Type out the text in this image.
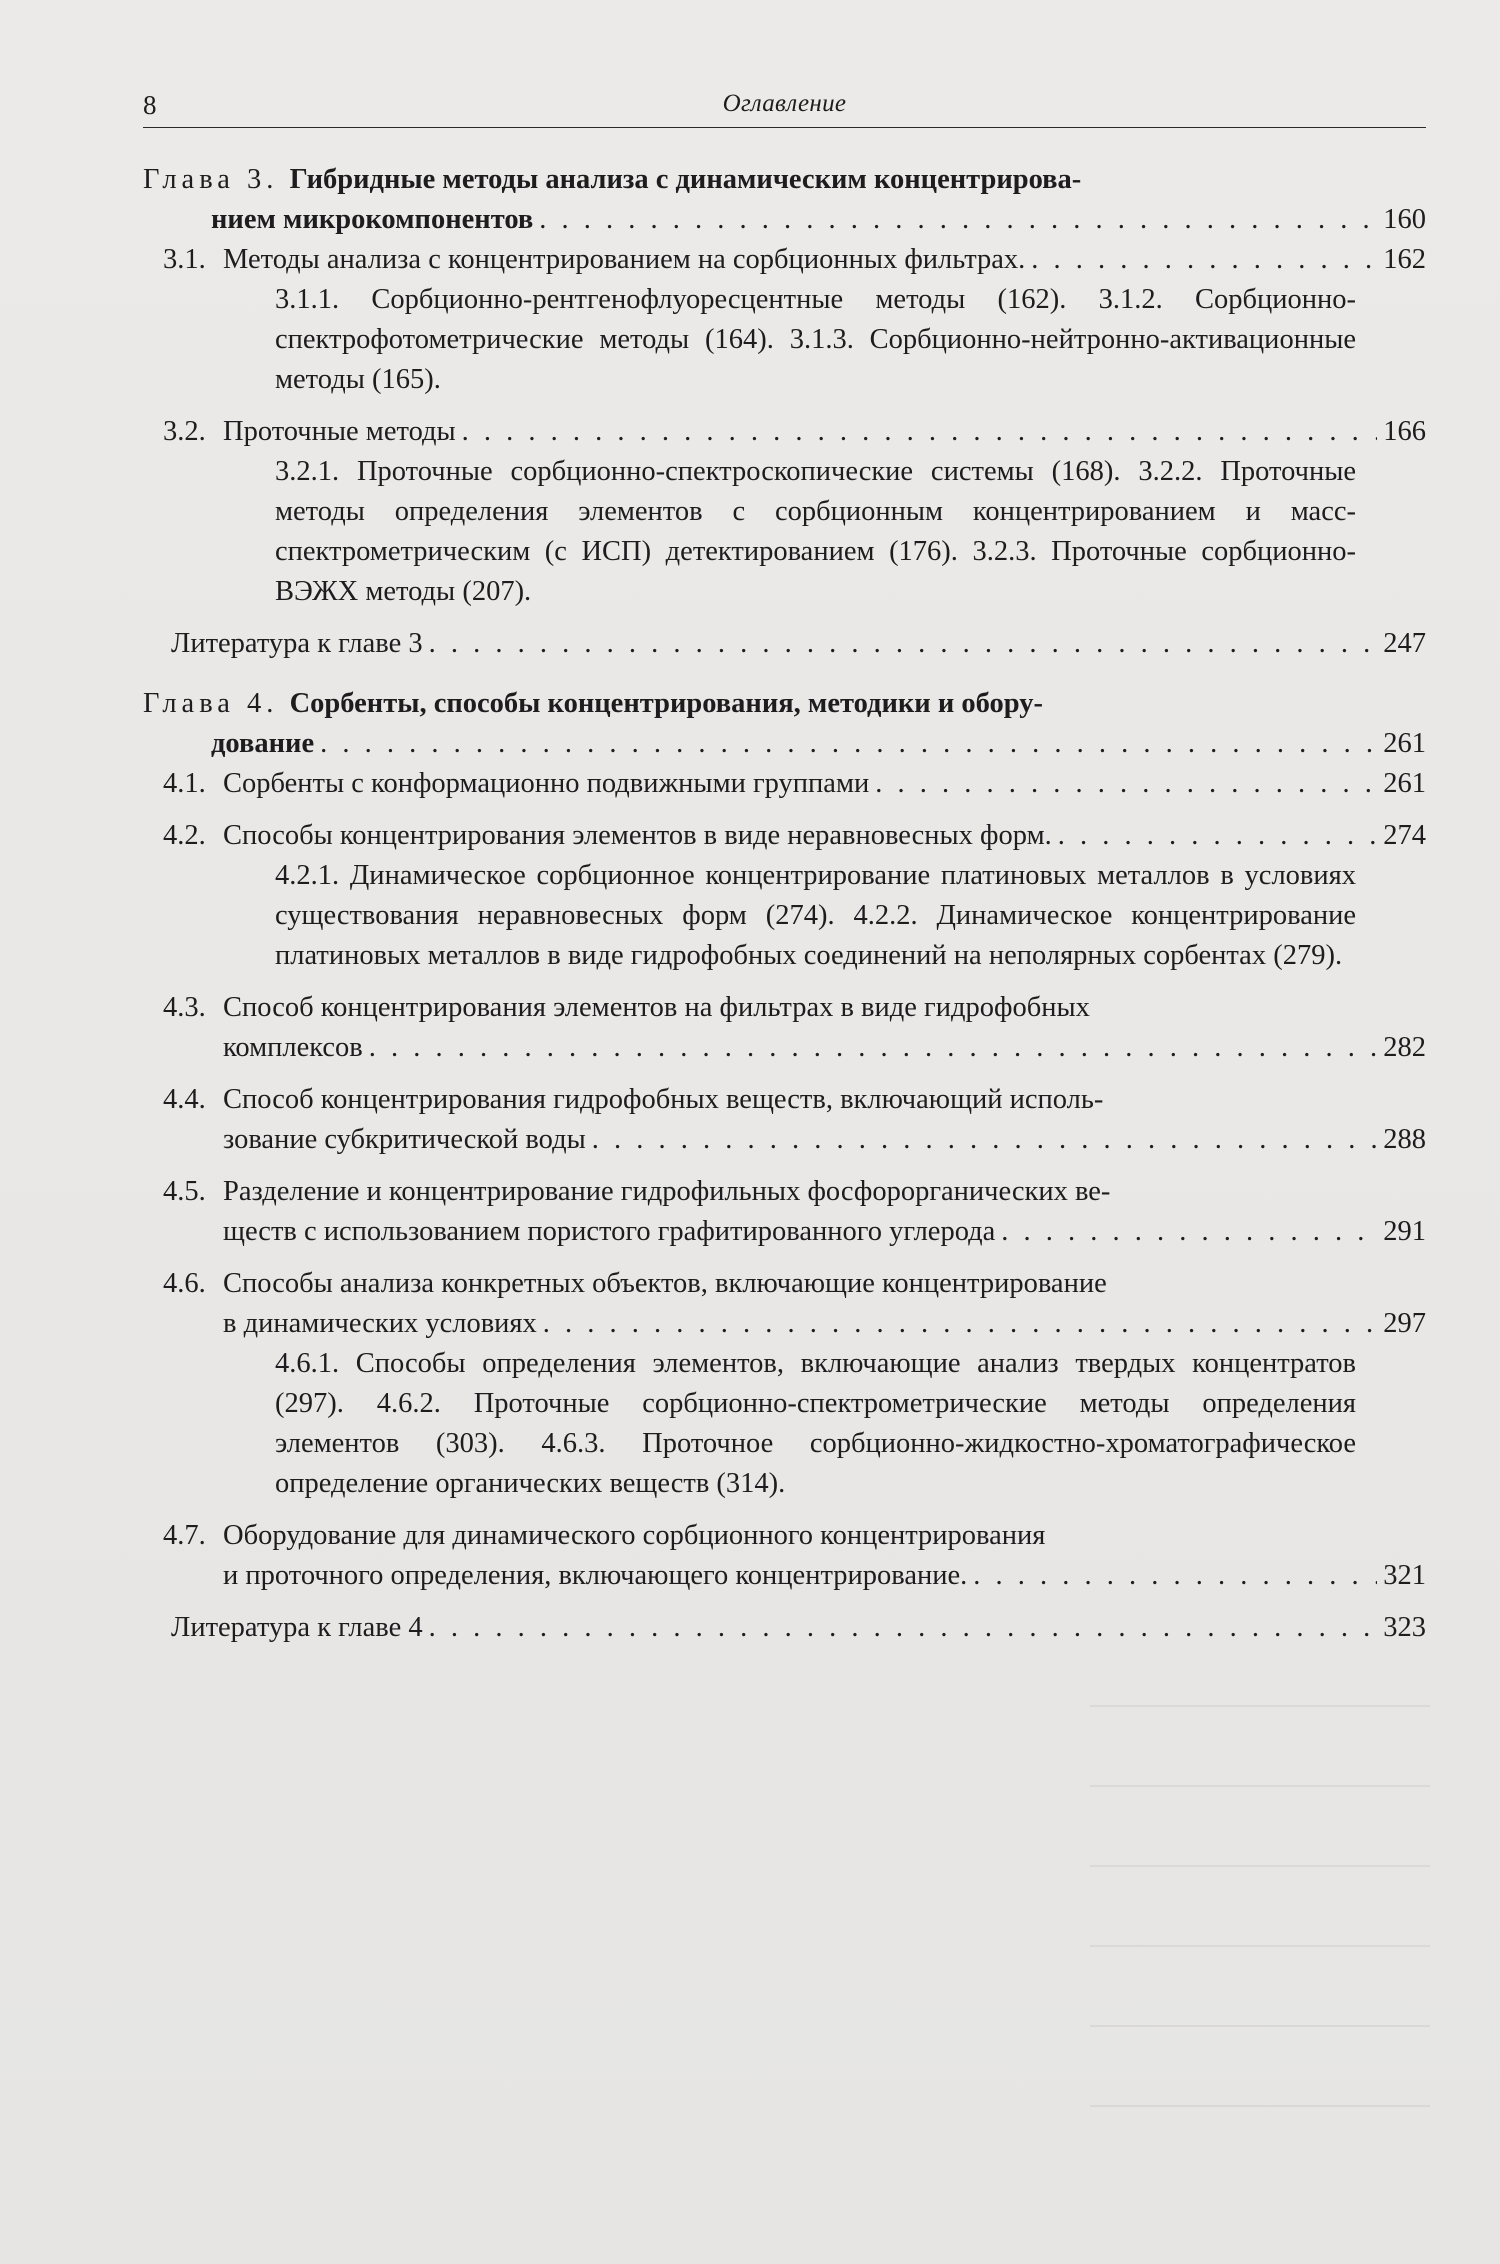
8	Оглавление
Глава 3. Гибридные методы анализа с динамическим концентрирова-
нием микрокомпонентов . . .	160
3.1. Методы анализа с концентрированием на сорбционных фильтрах. . . .	162
3.1.1. Сорбционно-рентгенофлуоресцентные методы (162). 3.1.2. Сорбционно-спектрофотометрические методы (164). 3.1.3. Сорбционно-нейтронно-активационные методы (165).
3.2. Проточные методы . . .	166
3.2.1. Проточные сорбционно-спектроскопические системы (168). 3.2.2. Проточные методы определения элементов с сорбционным концентрированием и масс-спектрометрическим (с ИСП) детектированием (176). 3.2.3. Проточные сорбционно-ВЭЖХ методы (207).
Литература к главе 3 . . .	247
Глава 4. Сорбенты, способы концентрирования, методики и обору-
дование . . .	261
4.1. Сорбенты с конформационно подвижными группами . . .	261
4.2. Способы концентрирования элементов в виде неравновесных форм. . . .	274
4.2.1. Динамическое сорбционное концентрирование платиновых металлов в условиях существования неравновесных форм (274). 4.2.2. Динамическое концентрирование платиновых металлов в виде гидрофобных соединений на неполярных сорбентах (279).
4.3. Способ концентрирования элементов на фильтрах в виде гидрофобных
комплексов . . .	282
4.4. Способ концентрирования гидрофобных веществ, включающий исполь-
зование субкритической воды . . .	288
4.5. Разделение и концентрирование гидрофильных фосфорорганических ве-
ществ с использованием пористого графитированного углерода . . .	291
4.6. Способы анализа конкретных объектов, включающие концентрирование
в динамических условиях . . .	297
4.6.1. Способы определения элементов, включающие анализ твердых концентратов (297). 4.6.2. Проточные сорбционно-спектрометрические методы определения элементов (303). 4.6.3. Проточное сорбционно-жидкостно-хроматографическое определение органических веществ (314).
4.7. Оборудование для динамического сорбционного концентрирования
и проточного определения, включающего концентрирование. . . .	321
Литература к главе 4 . . .	323
